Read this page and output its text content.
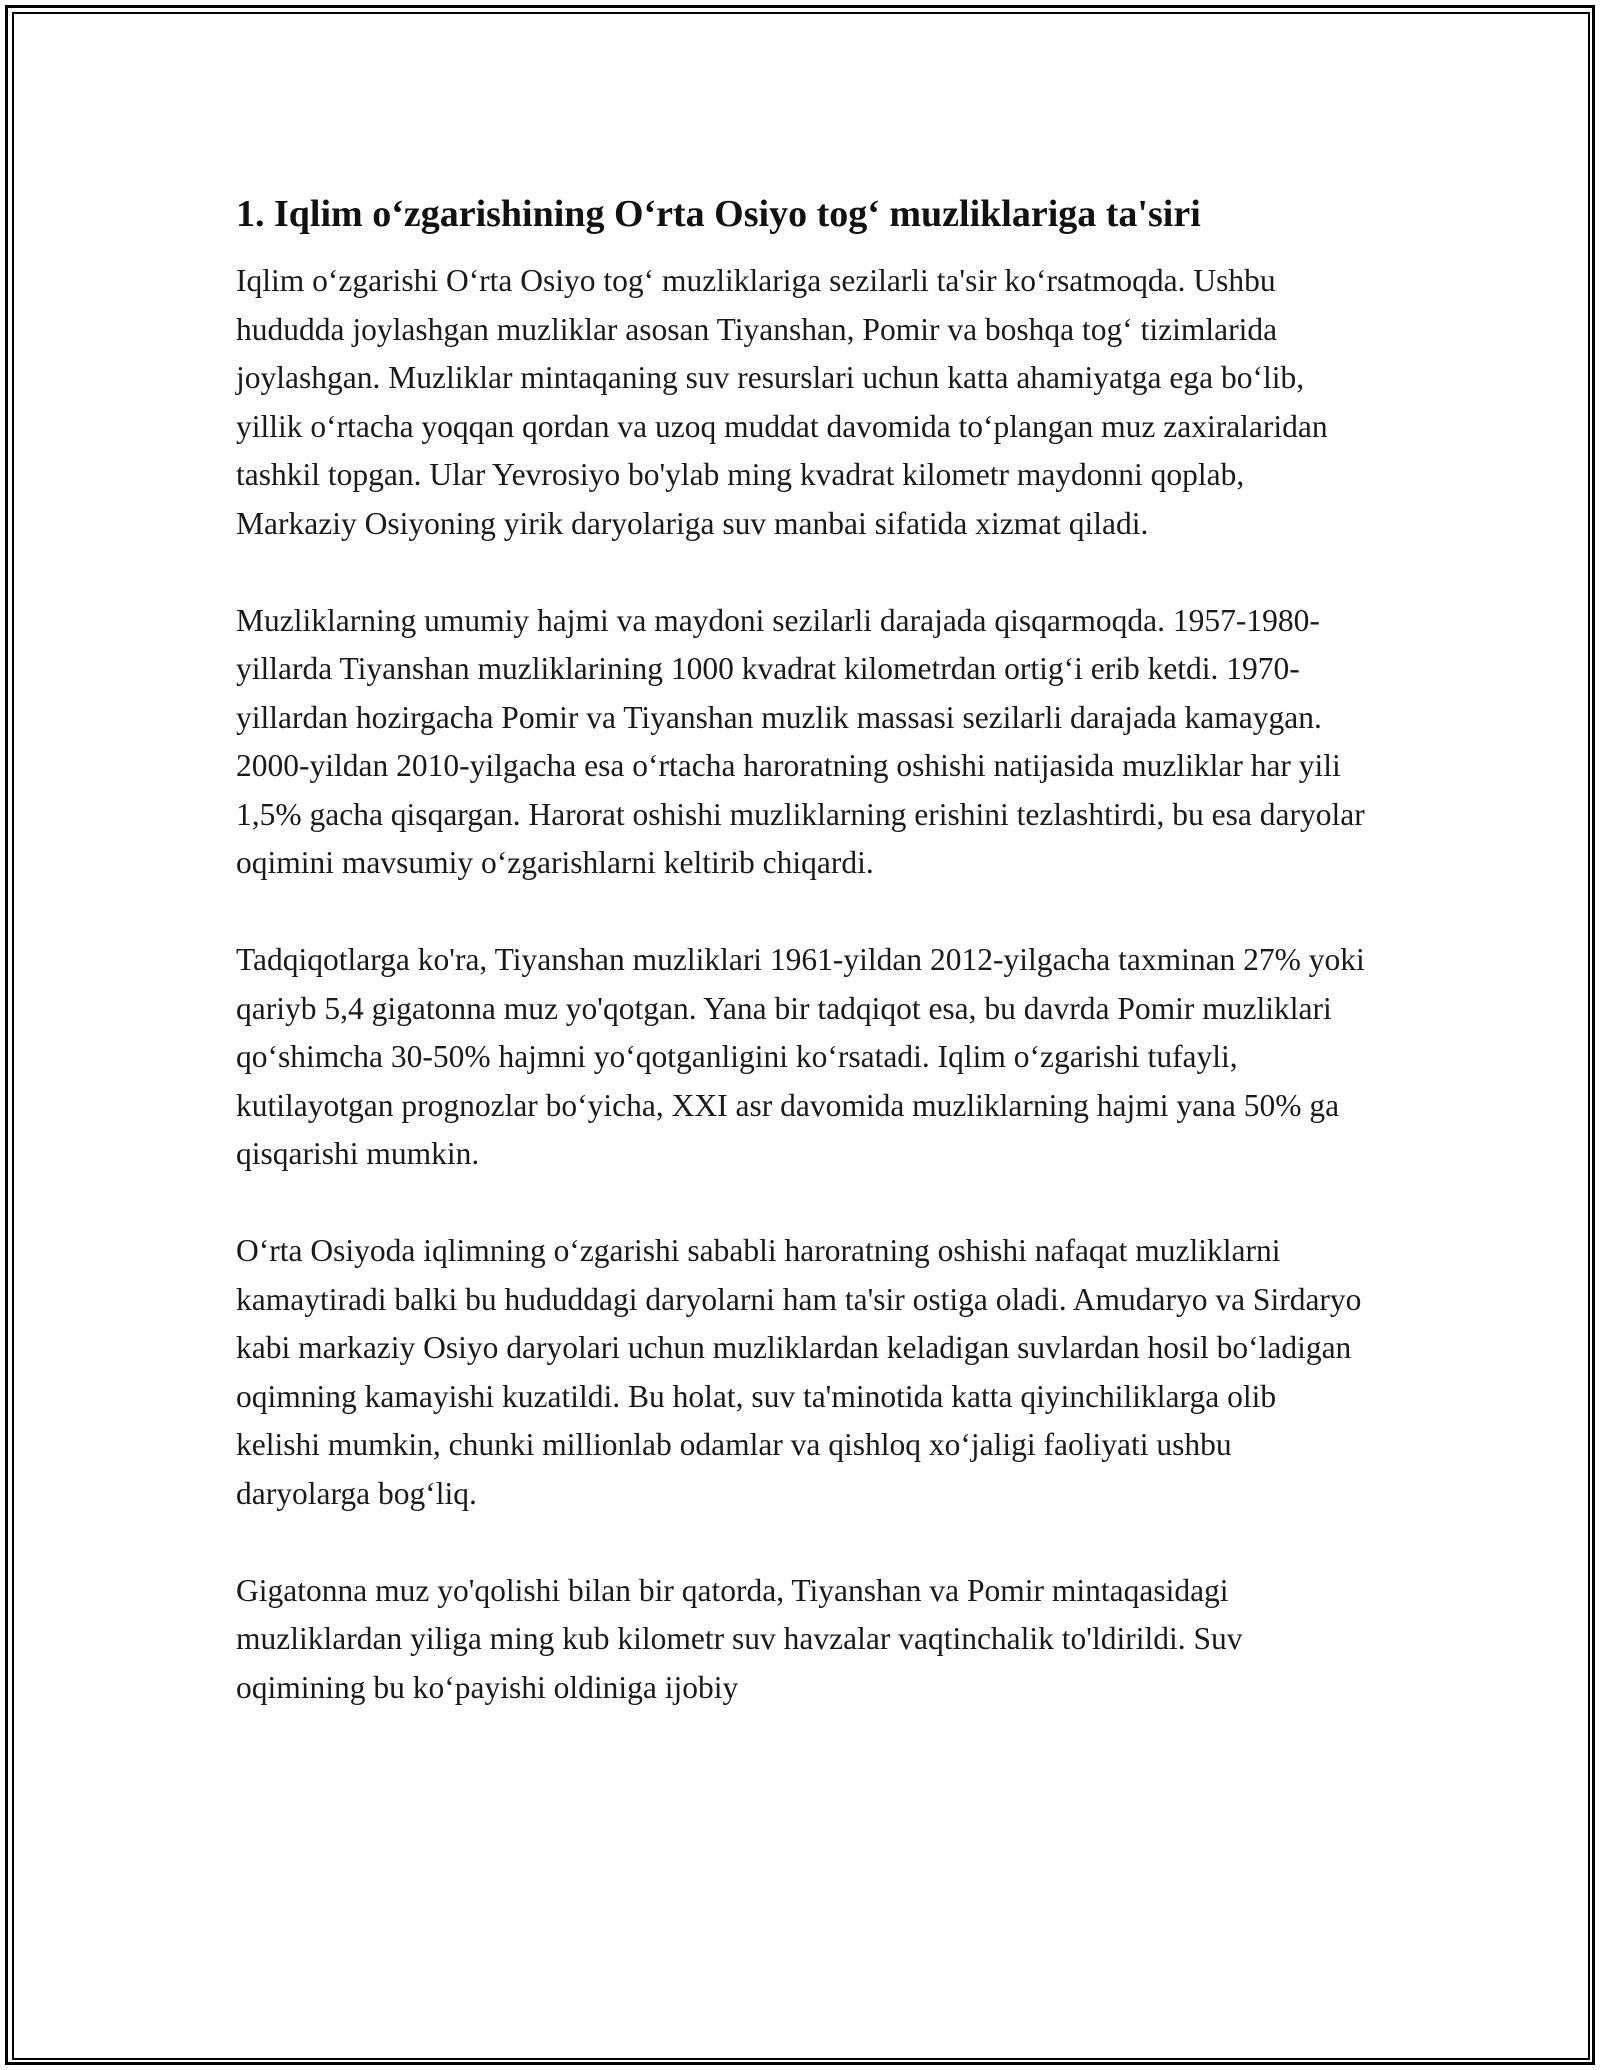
1. Iqlim o‘zgarishining O‘rta Osiyo tog‘ muzliklariga ta'siri

Iqlim o‘zgarishi O‘rta Osiyo tog‘ muzliklariga sezilarli ta'sir ko‘rsatmoqda. Ushbu hududda joylashgan muzliklar asosan Tiyanshan, Pomir va boshqa tog‘ tizimlarida joylashgan. Muzliklar mintaqaning suv resurslari uchun katta ahamiyatga ega bo‘lib, yillik o‘rtacha yoqqan qordan va uzoq muddat davomida to‘plangan muz zaxiralaridan tashkil topgan. Ular Yevrosiyo bo'ylab ming kvadrat kilometr maydonni qoplab, Markaziy Osiyoning yirik daryolariga suv manbai sifatida xizmat qiladi.

Muzliklarning umumiy hajmi va maydoni sezilarli darajada qisqarmoqda. 1957-1980-yillarda Tiyanshan muzliklarining 1000 kvadrat kilometrdan ortig‘i erib ketdi. 1970-yillardan hozirgacha Pomir va Tiyanshan muzlik massasi sezilarli darajada kamaygan. 2000-yildan 2010-yilgacha esa o‘rtacha haroratning oshishi natijasida muzliklar har yili 1,5% gacha qisqargan. Harorat oshishi muzliklarning erishini tezlashtirdi, bu esa daryolar oqimini mavsumiy o‘zgarishlarni keltirib chiqardi.

Tadqiqotlarga ko'ra, Tiyanshan muzliklari 1961-yildan 2012-yilgacha taxminan 27% yoki qariyb 5,4 gigatonna muz yo'qotgan. Yana bir tadqiqot esa, bu davrda Pomir muzliklari qo‘shimcha 30-50% hajmni yo‘qotganligini ko‘rsatadi. Iqlim o‘zgarishi tufayli, kutilayotgan prognozlar bo‘yicha, XXI asr davomida muzliklarning hajmi yana 50% ga qisqarishi mumkin.

O‘rta Osiyoda iqlimning o‘zgarishi sababli haroratning oshishi nafaqat muzliklarni kamaytiradi balki bu hududdagi daryolarni ham ta'sir ostiga oladi. Amudaryo va Sirdaryo kabi markaziy Osiyo daryolari uchun muzliklardan keladigan suvlardan hosil bo‘ladigan oqimning kamayishi kuzatildi. Bu holat, suv ta'minotida katta qiyinchiliklarga olib kelishi mumkin, chunki millionlab odamlar va qishloq xo‘jaligi faoliyati ushbu daryolarga bog‘liq.

Gigatonna muz yo'qolishi bilan bir qatorda, Tiyanshan va Pomir mintaqasidagi muzliklardan yiliga ming kub kilometr suv havzalar vaqtinchalik to'ldirildi. Suv oqimining bu ko‘payishi oldiniga ijobiy
